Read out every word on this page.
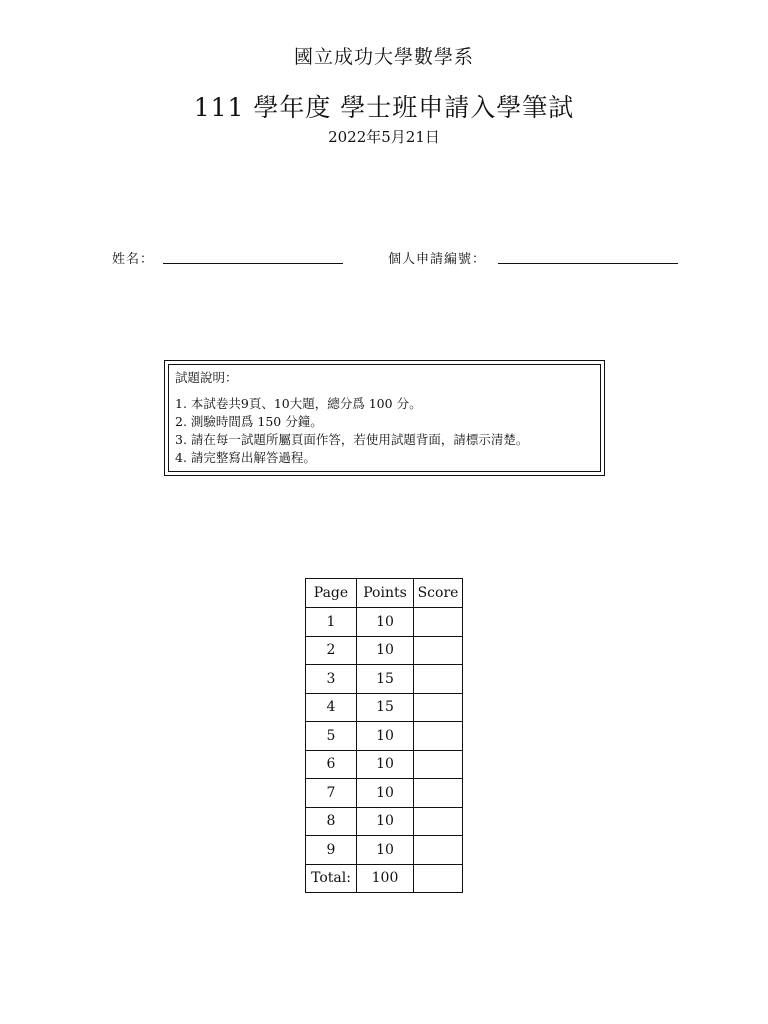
國立成功大學數學系
111 學年度 學士班申請入學筆試
2022年5月21日
姓名：	個人申請編號：
試題說明：
1. 本試卷共9頁、10大題，總分爲 100 分。
2. 測驗時間爲 150 分鐘。
3. 請在每一試題所屬頁面作答，若使用試題背面，請標示清楚。
4. 請完整寫出解答過程。
Page	Points	Score
1	10	
2	10	
3	15	
4	15	
5	10	
6	10	
7	10	
8	10	
9	10	
Total:	100	
